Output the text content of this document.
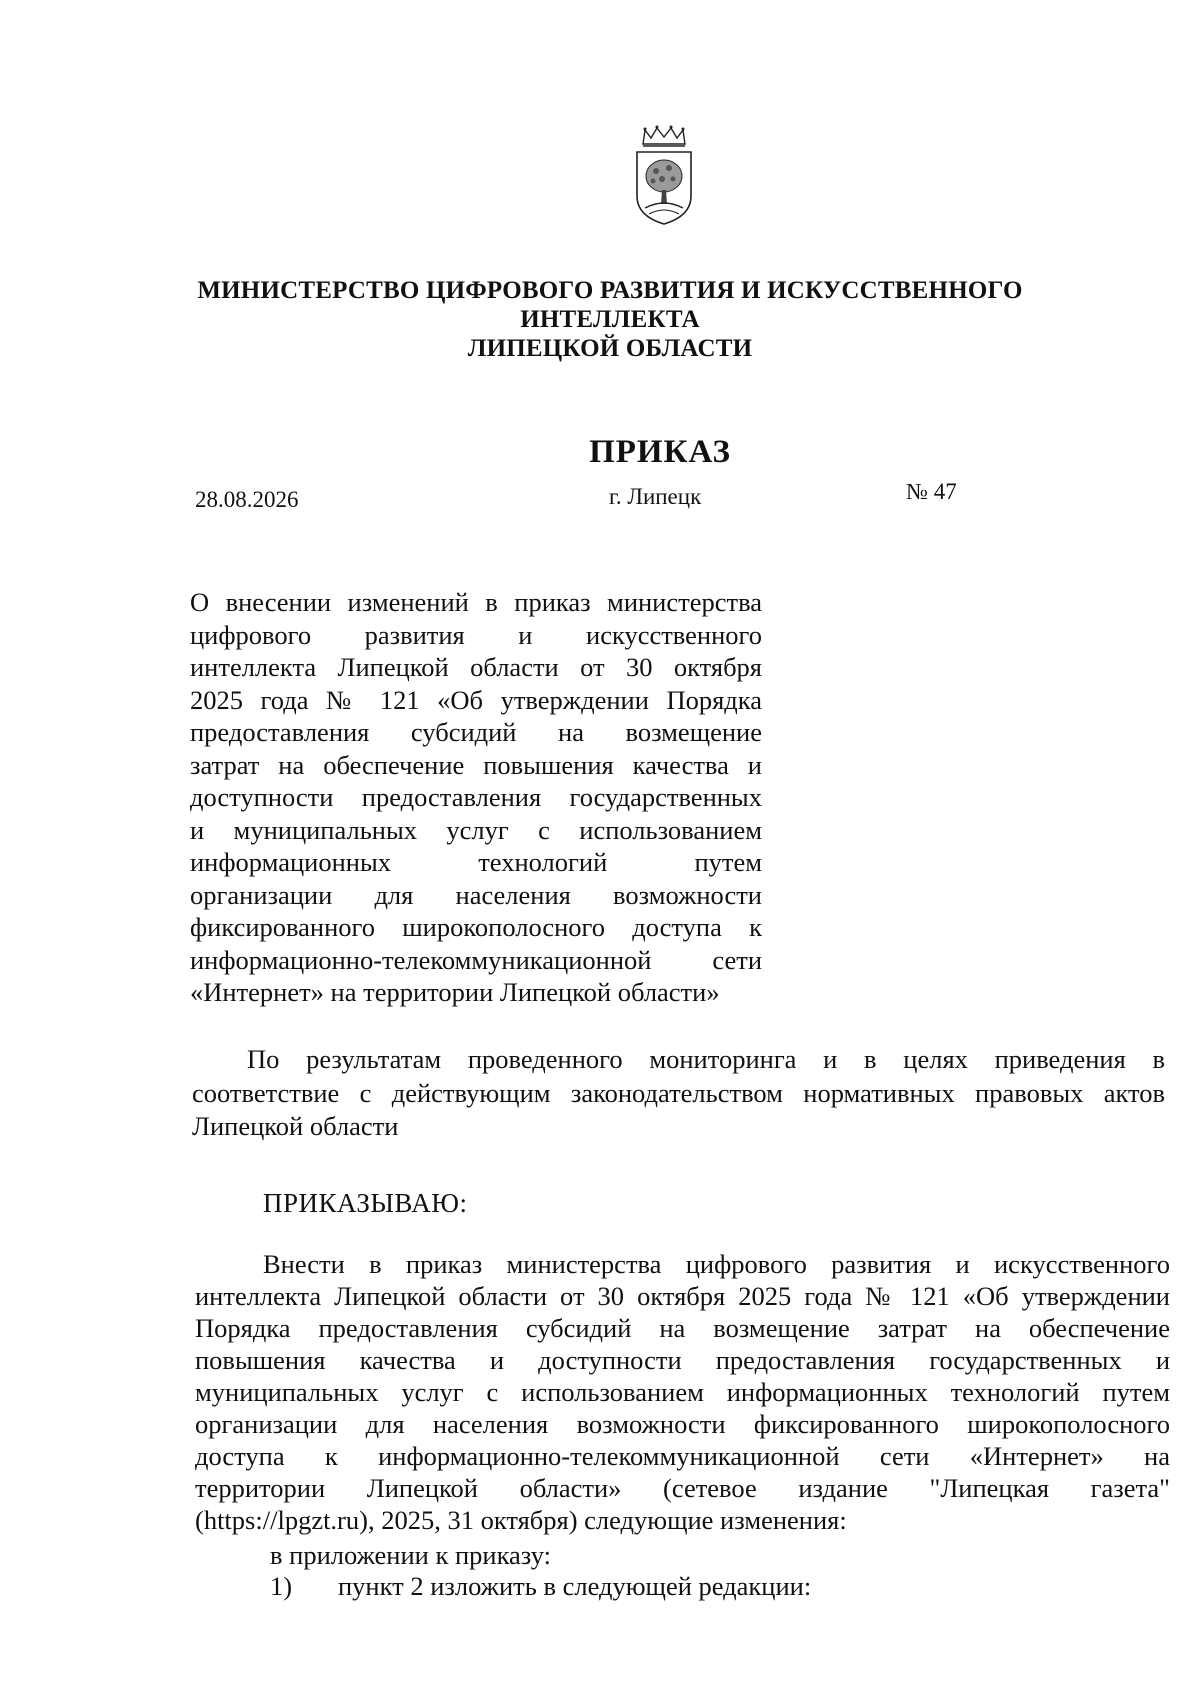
МИНИСТЕРСТВО ЦИФРОВОГО РАЗВИТИЯ И ИСКУССТВЕННОГО
ИНТЕЛЛЕКТА
ЛИПЕЦКОЙ ОБЛАСТИ
ПРИКАЗ
28.08.2026	г. Липецк	№ 47
О внесении изменений в приказ министерства
цифрового развития и искусственного
интеллекта Липецкой области от 30 октября
2025 года № 121 «Об утверждении Порядка
предоставления субсидий на возмещение
затрат на обеспечение повышения качества и
доступности предоставления государственных
и муниципальных услуг с использованием
информационных технологий путем
организации для населения возможности
фиксированного широкополосного доступа к
информационно-телекоммуникационной сети
«Интернет» на территории Липецкой области»
По результатам проведенного мониторинга и в целях приведения в
соответствие с действующим законодательством нормативных правовых актов
Липецкой области
ПРИКАЗЫВАЮ:
Внести в приказ министерства цифрового развития и искусственного
интеллекта Липецкой области от 30 октября 2025 года № 121 «Об утверждении
Порядка предоставления субсидий на возмещение затрат на обеспечение
повышения качества и доступности предоставления государственных и
муниципальных услуг с использованием информационных технологий путем
организации для населения возможности фиксированного широкополосного
доступа к информационно-телекоммуникационной сети «Интернет» на
территории Липецкой области» (сетевое издание "Липецкая газета"
(https://lpgzt.ru), 2025, 31 октября) следующие изменения:
в приложении к приказу:
1) пункт 2 изложить в следующей редакции:
